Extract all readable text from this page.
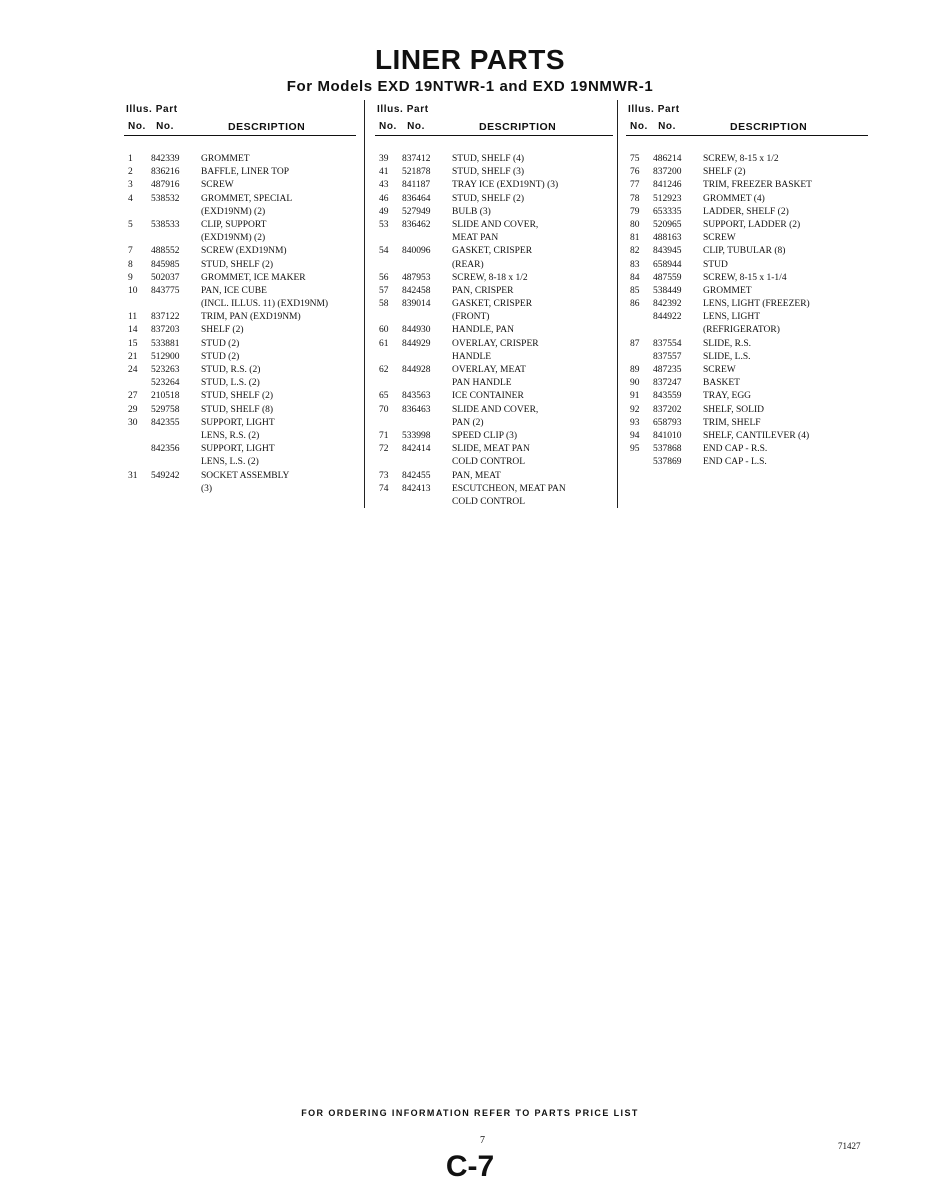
LINER PARTS
For Models EXD 19NTWR-1 and EXD 19NMWR-1
Illus. Part
No. No.	DESCRIPTION
1	842339 GROMMET
2	836216 BAFFLE, LINER TOP
3	487916 SCREW
4	538532 GROMMET, SPECIAL
(EXD19NM) (2)
5	538533 CLIP, SUPPORT
(EXD19NM) (2)
7	488552 SCREW (EXD19NM)
8	845985 STUD, SHELF (2)
9	502037 GROMMET, ICE MAKER
10	843775 PAN, ICE CUBE
(INCL. ILLUS. 11) (EXD19NM)
11	837122 TRIM, PAN (EXD19NM)
14	837203 SHELF (2)
15	533881 STUD (2)
21	512900 STUD (2)
24	523263 STUD, R.S. (2)
523264 STUD, L.S. (2)
27	210518 STUD, SHELF (2)
29	529758 STUD, SHELF (8)
30	842355 SUPPORT, LIGHT
LENS, R.S. (2)
842356 SUPPORT, LIGHT
LENS, L.S. (2)
31	549242 SOCKET ASSEMBLY
(3)
Illus. Part
No. No.	DESCRIPTION
39	837412 STUD, SHELF (4)
41	521878 STUD, SHELF (3)
43	841187 TRAY ICE (EXD19NT) (3)
46	836464 STUD, SHELF (2)
49	527949 BULB (3)
53	836462 SLIDE AND COVER,
MEAT PAN
54	840096 GASKET, CRISPER
(REAR)
56	487953 SCREW, 8-18 x 1/2
57	842458 PAN, CRISPER
58	839014 GASKET, CRISPER
(FRONT)
60	844930 HANDLE, PAN
61	844929 OVERLAY, CRISPER
HANDLE
62	844928 OVERLAY, MEAT
PAN HANDLE
65	843563 ICE CONTAINER
70	836463 SLIDE AND COVER,
PAN (2)
71	533998 SPEED CLIP (3)
72	842414 SLIDE, MEAT PAN
COLD CONTROL
73	842455 PAN, MEAT
74	842413 ESCUTCHEON, MEAT PAN
COLD CONTROL
Illus. Part
No. No.	DESCRIPTION
75	486214 SCREW, 8-15 x 1/2
76	837200 SHELF (2)
77	841246 TRIM, FREEZER BASKET
78	512923 GROMMET (4)
79	653335 LADDER, SHELF (2)
80	520965 SUPPORT, LADDER (2)
81	488163 SCREW
82	843945 CLIP, TUBULAR (8)
83	658944 STUD
84	487559 SCREW, 8-15 x 1-1/4
85	538449 GROMMET
86	842392 LENS, LIGHT (FREEZER)
844922 LENS, LIGHT
(REFRIGERATOR)
87	837554 SLIDE, R.S.
837557 SLIDE, L.S.
89	487235 SCREW
90	837247 BASKET
91	843559 TRAY, EGG
92	837202 SHELF, SOLID
93	658793 TRIM, SHELF
94	841010 SHELF, CANTILEVER (4)
95	537868 END CAP - R.S.
537869 END CAP - L.S.
FOR ORDERING INFORMATION REFER TO PARTS PRICE LIST
7	71427
C-7
